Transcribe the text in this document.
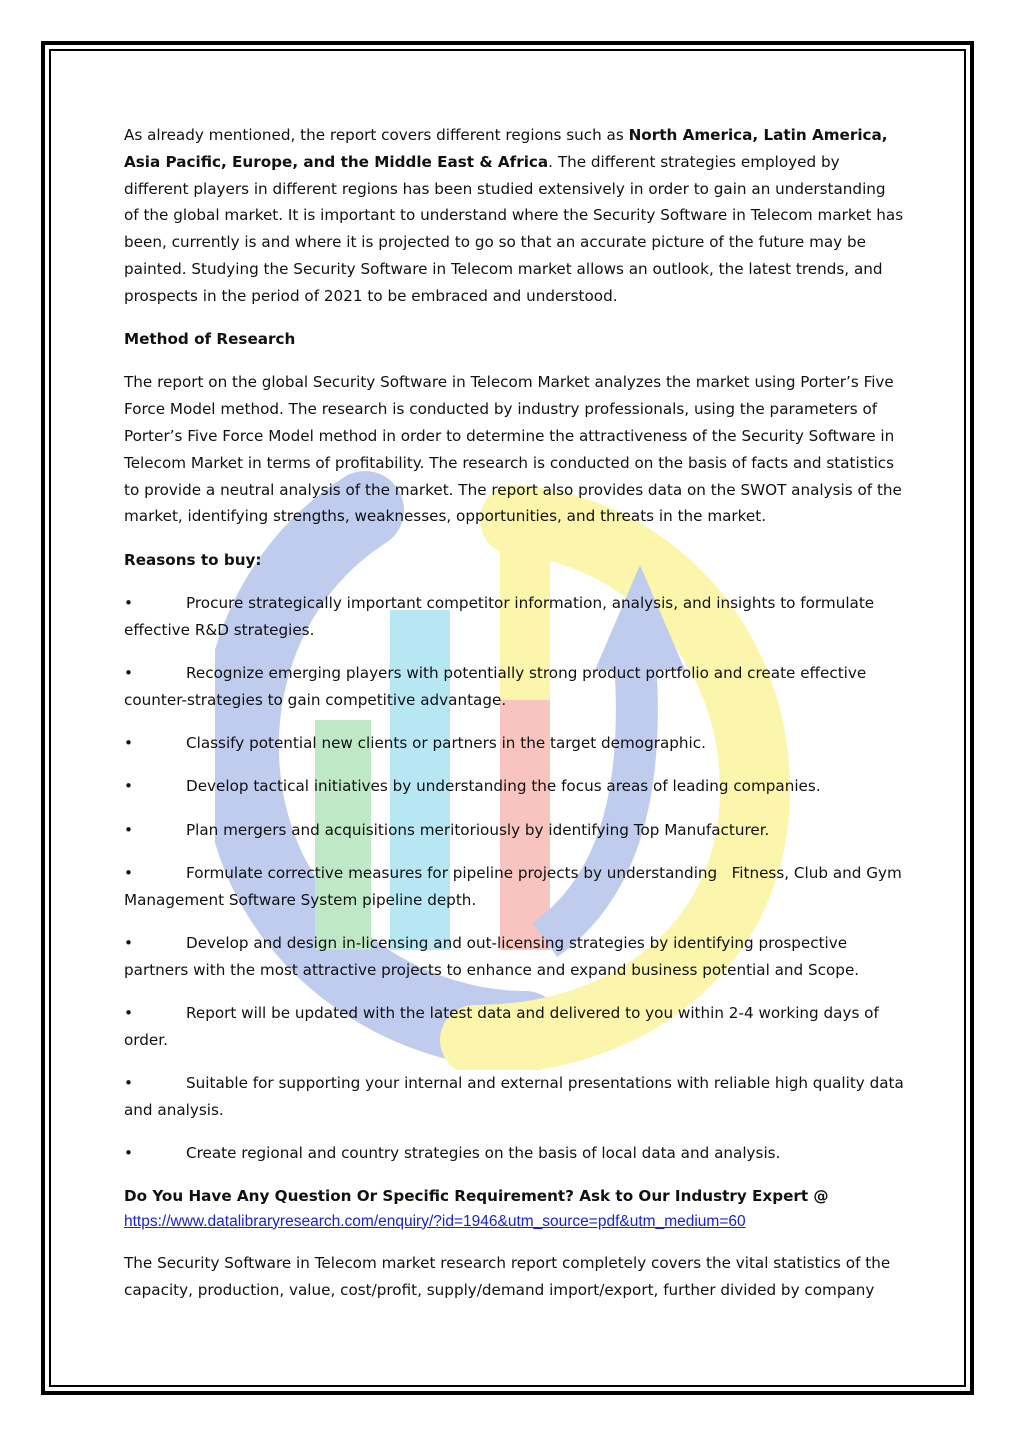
As already mentioned, the report covers different regions such as North America, Latin America, Asia Pacific, Europe, and the Middle East & Africa. The different strategies employed by different players in different regions has been studied extensively in order to gain an understanding of the global market. It is important to understand where the Security Software in Telecom market has been, currently is and where it is projected to go so that an accurate picture of the future may be painted. Studying the Security Software in Telecom market allows an outlook, the latest trends, and prospects in the period of 2021 to be embraced and understood.

Method of Research

The report on the global Security Software in Telecom Market analyzes the market using Porter’s Five Force Model method. The research is conducted by industry professionals, using the parameters of Porter’s Five Force Model method in order to determine the attractiveness of the Security Software in Telecom Market in terms of profitability. The research is conducted on the basis of facts and statistics to provide a neutral analysis of the market. The report also provides data on the SWOT analysis of the market, identifying strengths, weaknesses, opportunities, and threats in the market.

Reasons to buy:

•	Procure strategically important competitor information, analysis, and insights to formulate effective R&D strategies.

•	Recognize emerging players with potentially strong product portfolio and create effective counter-strategies to gain competitive advantage.

•	Classify potential new clients or partners in the target demographic.

•	Develop tactical initiatives by understanding the focus areas of leading companies.

•	Plan mergers and acquisitions meritoriously by identifying Top Manufacturer.

•	Formulate corrective measures for pipeline projects by understanding   Fitness, Club and Gym Management Software System pipeline depth.

•	Develop and design in-licensing and out-licensing strategies by identifying prospective partners with the most attractive projects to enhance and expand business potential and Scope.

•	Report will be updated with the latest data and delivered to you within 2-4 working days of order.

•	Suitable for supporting your internal and external presentations with reliable high quality data and analysis.

•	Create regional and country strategies on the basis of local data and analysis.

Do You Have Any Question Or Specific Requirement? Ask to Our Industry Expert @
https://www.datalibraryresearch.com/enquiry/?id=1946&utm_source=pdf&utm_medium=60

The Security Software in Telecom market research report completely covers the vital statistics of the capacity, production, value, cost/profit, supply/demand import/export, further divided by company
